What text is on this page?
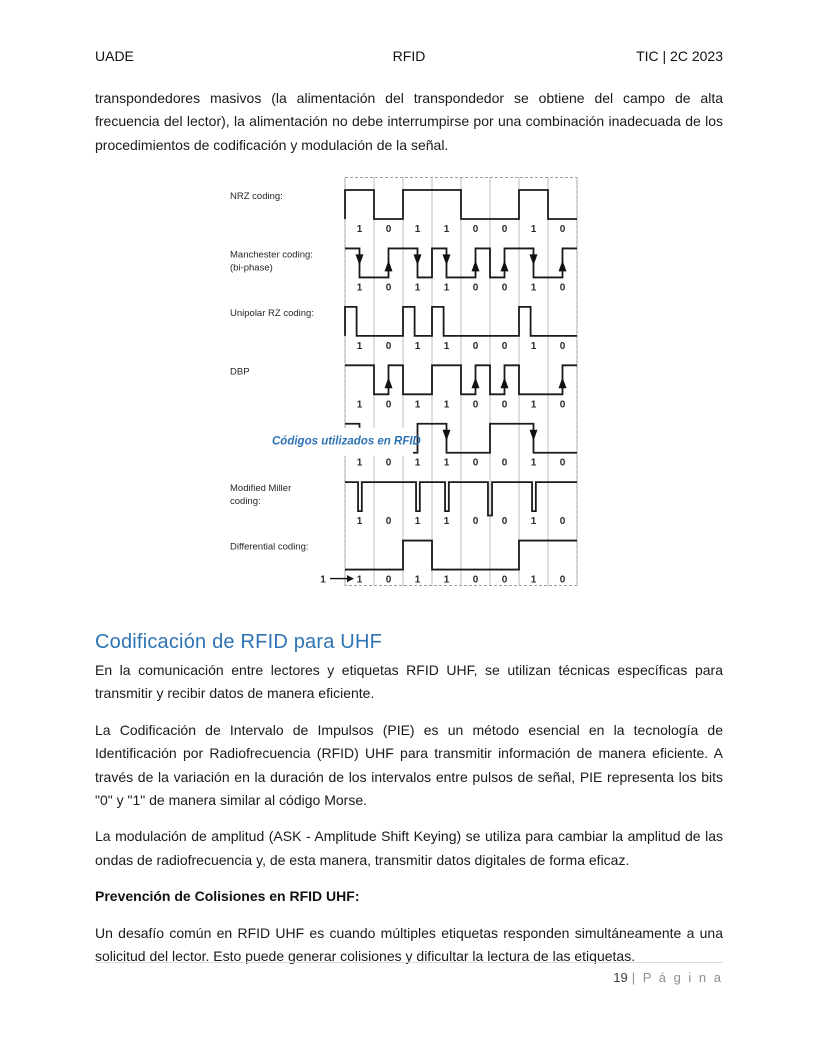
UADE	RFID	TIC | 2C 2023

transpondedores masivos (la alimentación del transpondedor se obtiene del campo de alta frecuencia del lector), la alimentación no debe interrumpirse por una combinación inadecuada de los procedimientos de codificación y modulación de la señal.

NRZ coding:
1 0 1 1 0 0 1 0
Manchester coding:
(bi-phase)
1 0 1 1 0 0 1 0
Unipolar RZ coding:
1 0 1 1 0 0 1 0
DBP
1 0 1 1 0 0 1 0
Códigos utilizados en RFID
1 0 1 1 0 0 1 0
Modified Miller
coding:
1 0 1 1 0 0 1 0
Differential coding:
1 0 1 1 0 0 1 0
1
Codificación de RFID para UHF

En la comunicación entre lectores y etiquetas RFID UHF, se utilizan técnicas específicas para transmitir y recibir datos de manera eficiente.

La Codificación de Intervalo de Impulsos (PIE) es un método esencial en la tecnología de Identificación por Radiofrecuencia (RFID) UHF para transmitir información de manera eficiente. A través de la variación en la duración de los intervalos entre pulsos de señal, PIE representa los bits "0" y "1" de manera similar al código Morse.

La modulación de amplitud (ASK - Amplitude Shift Keying) se utiliza para cambiar la amplitud de las ondas de radiofrecuencia y, de esta manera, transmitir datos digitales de forma eficaz.

Prevención de Colisiones en RFID UHF:

Un desafío común en RFID UHF es cuando múltiples etiquetas responden simultáneamente a una solicitud del lector. Esto puede generar colisiones y dificultar la lectura de las etiquetas.

19 | P á g i n a
